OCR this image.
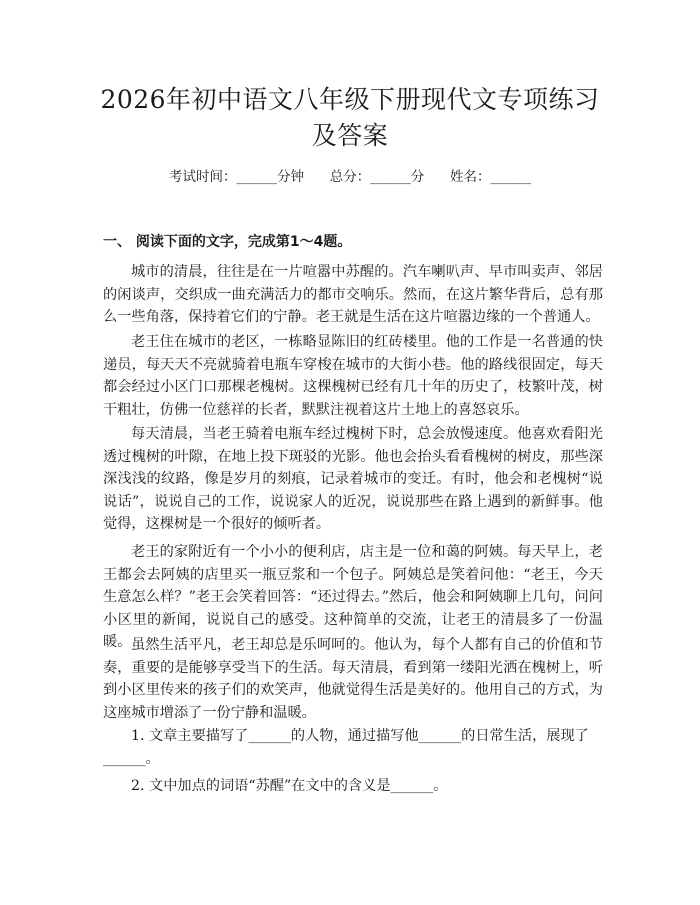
2026年初中语文八年级下册现代文专项练习
及答案
考试时间：______分钟      总分：______分      姓名：______
一、 阅读下面的文字，完成第1～4题。

城市的清晨，往往是在一片喧嚣中苏醒的。汽车喇叭声、早市叫卖声、邻居的闲谈声，交织成一曲充满活力的都市交响乐。然而，在这片繁华背后，总有那么一些角落，保持着它们的宁静。老王就是生活在这片喧嚣边缘的一个普通人。

老王住在城市的老区，一栋略显陈旧的红砖楼里。他的工作是一名普通的快递员，每天天不亮就骑着电瓶车穿梭在城市的大街小巷。他的路线很固定，每天都会经过小区门口那棵老槐树。这棵槐树已经有几十年的历史了，枝繁叶茂，树干粗壮，仿佛一位慈祥的长者，默默注视着这片土地上的喜怒哀乐。

每天清晨，当老王骑着电瓶车经过槐树下时，总会放慢速度。他喜欢看阳光透过槐树的叶隙，在地上投下斑驳的光影。他也会抬头看看槐树的树皮，那些深深浅浅的纹路，像是岁月的刻痕，记录着城市的变迁。有时，他会和老槐树“说说话”，说说自己的工作，说说家人的近况，说说那些在路上遇到的新鲜事。他觉得，这棵树是一个很好的倾听者。

老王的家附近有一个小小的便利店，店主是一位和蔼的阿姨。每天早上，老王都会去阿姨的店里买一瓶豆浆和一个包子。阿姨总是笑着问他：“老王，今天生意怎么样？”老王会笑着回答：“还过得去。”然后，他会和阿姨聊上几句，问问小区里的新闻，说说自己的感受。这种简单的交流，让老王的清晨多了一份温暖。 虽然生活平凡，老王却总是乐呵呵的。他认为，每个人都有自己的价值和节奏，重要的是能够享受当下的生活。每天清晨，看到第一缕阳光洒在槐树上，听到小区里传来的孩子们的欢笑声，他就觉得生活是美好的。他用自己的方式，为这座城市增添了一份宁静和温暖。

1. 文章主要描写了______的人物，通过描写他______的日常生活，展现了______。

2. 文中加点的词语“苏醒”在文中的含义是______。
